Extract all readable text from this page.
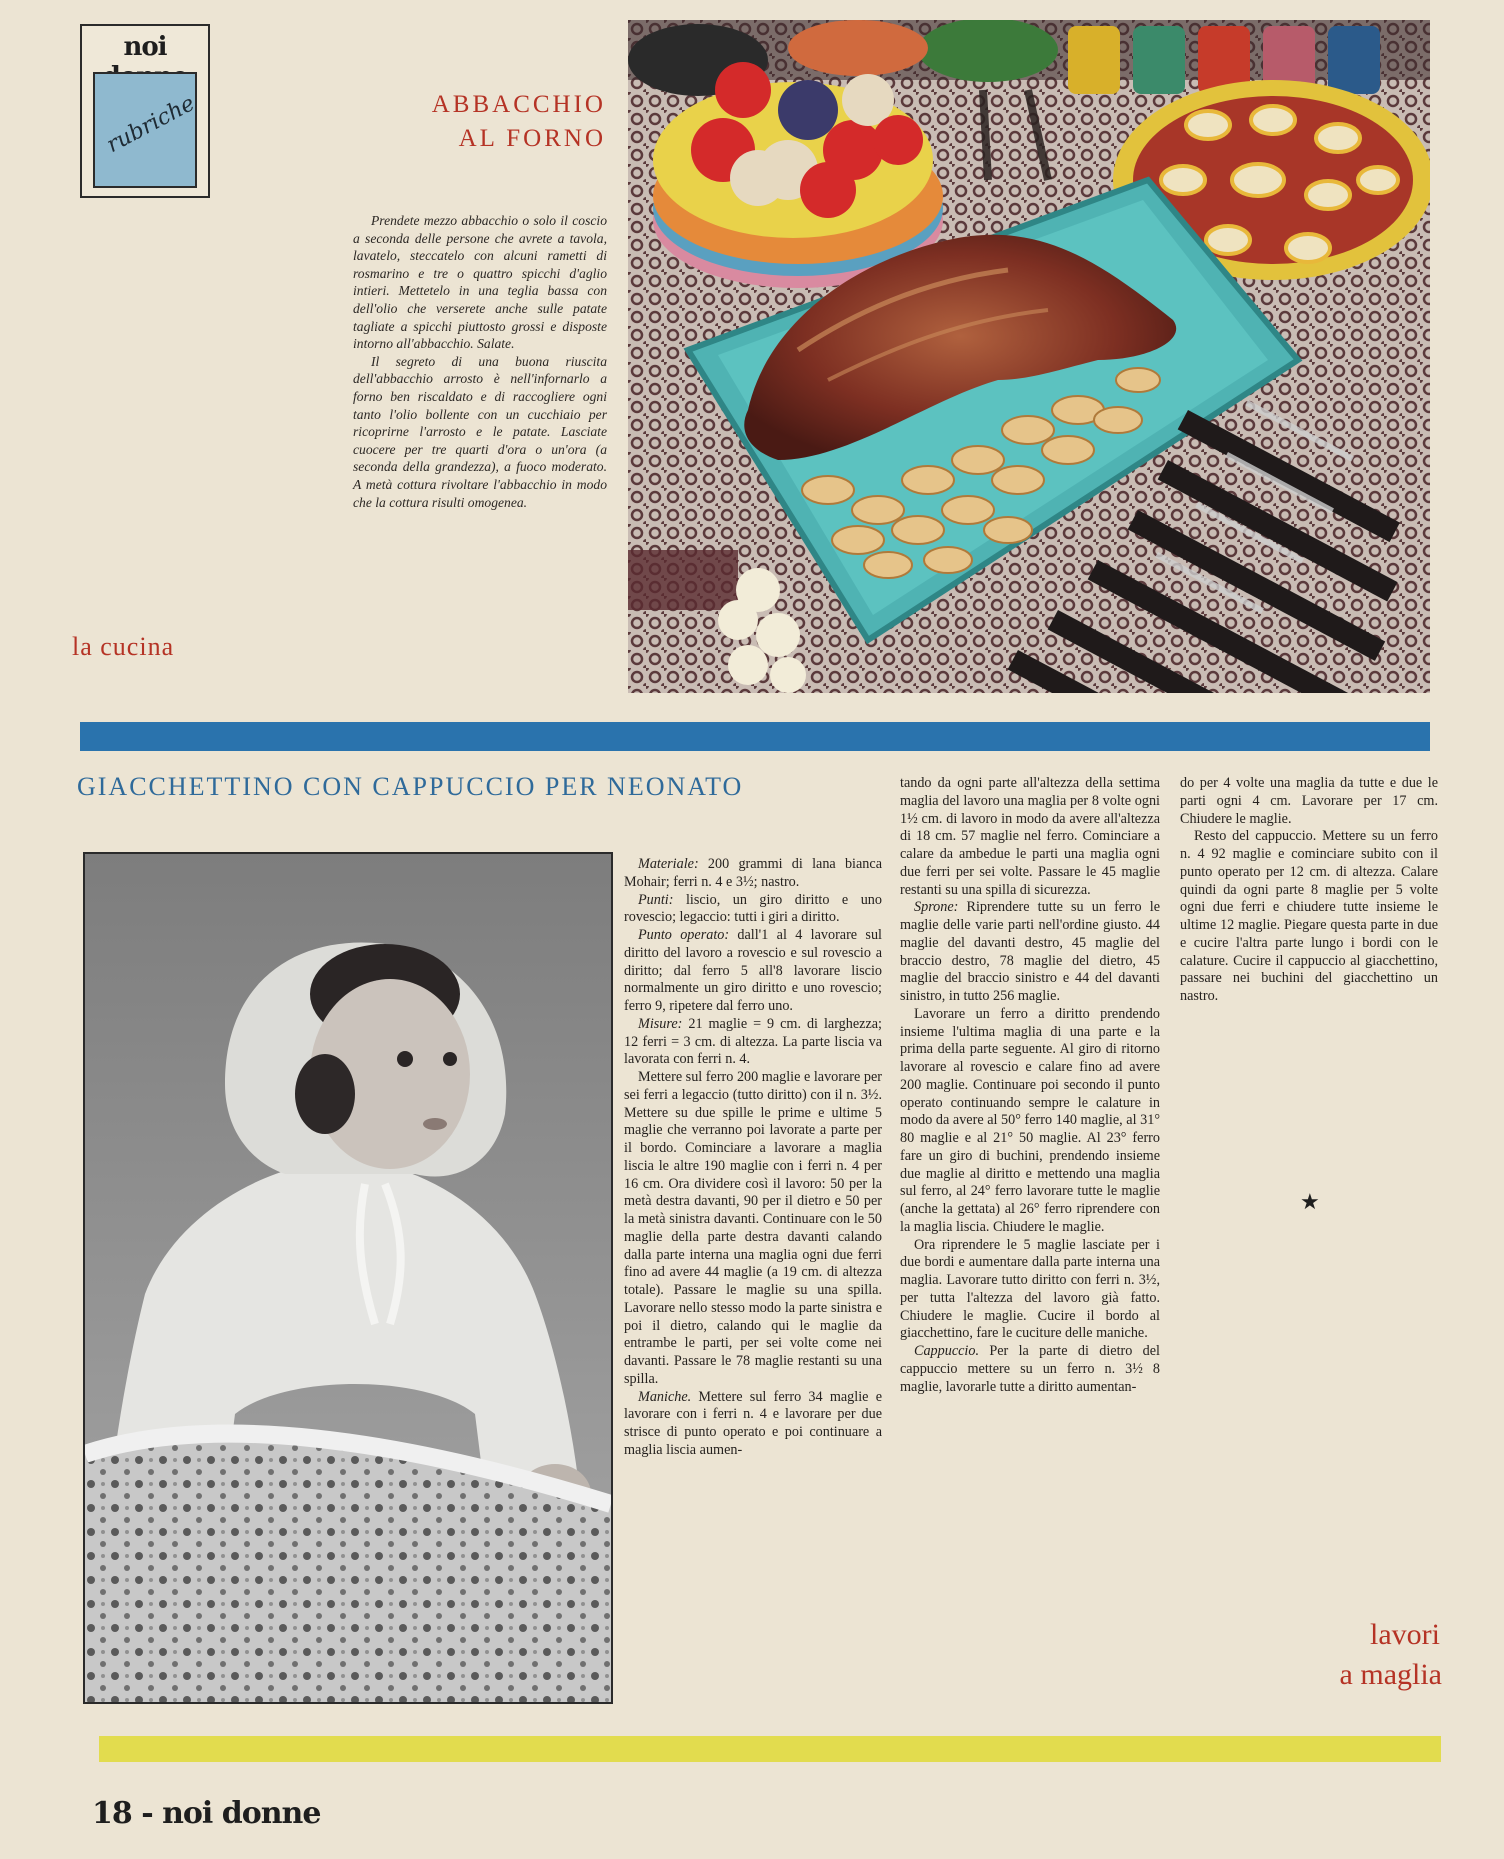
noi
rubriche	ABBACCHIO
AL FORNO

Prendete mezzo abbacchio o solo il coscio a seconda delle persone che avrete a tavola, lavatelo, steccatelo con alcuni rametti di rosmarino e tre o quattro spicchi d'aglio intieri. Mettetelo in una teglia bassa con dell'olio che verserete anche sulle patate tagliate a spicchi piuttosto grossi e disposte intorno all'abbacchio. Salate.

Il segreto di una buona riuscita dell'abbacchio arrosto è nell'infornarlo a forno ben riscaldato e di raccogliere ogni tanto l'olio bollente con un cucchiaio per ricoprirne l'arrosto e le patate. Lasciate cuocere per tre quarti d'ora o un'ora (a seconda della grandezza), a fuoco moderato. A metà cottura rivoltare l'abbacchio in modo che la cottura risulti omogenea.

la cucina
GIACCHETTINO CON CAPPUCCIO PER NEONATO

Materiale: 200 grammi di lana bianca Mohair; ferri n. 4 e 3½; nastro.

Punti: liscio, un giro diritto e uno rovescio; legaccio: tutti i giri a diritto.

Punto operato: dall'1 al 4 lavorare sul diritto del lavoro a rovescio e sul rovescio a diritto; dal ferro 5 all'8 lavorare liscio normalmente un giro diritto e uno rovescio; ferro 9, ripetere dal ferro uno.

Misure: 21 maglie = 9 cm. di larghezza; 12 ferri = 3 cm. di altezza. La parte liscia va lavorata con ferri n. 4.

Mettere sul ferro 200 maglie e lavorare per sei ferri a legaccio (tutto diritto) con il n. 3½. Mettere su due spille le prime e ultime 5 maglie che verranno poi lavorate a parte per il bordo. Cominciare a lavorare a maglia liscia le altre 190 maglie con i ferri n. 4 per 16 cm. Ora dividere così il lavoro: 50 per la metà destra davanti, 90 per il dietro e 50 per la metà sinistra davanti. Continuare con le 50 maglie della parte destra davanti calando dalla parte interna una maglia ogni due ferri fino ad avere 44 maglie (a 19 cm. di altezza totale). Passare le maglie su una spilla. Lavorare nello stesso modo la parte sinistra e poi il dietro, calando qui le maglie da entrambe le parti, per sei volte come nei davanti. Passare le 78 maglie restanti su una spilla.

Maniche. Mettere sul ferro 34 maglie e lavorare con i ferri n. 4 e lavorare per due strisce di punto operato e poi continuare a maglia liscia aumen-

tando da ogni parte all'altezza della settima maglia del lavoro una maglia per 8 volte ogni 1½ cm. di lavoro in modo da avere all'altezza di 18 cm. 57 maglie nel ferro. Cominciare a calare da ambedue le parti una maglia ogni due ferri per sei volte. Passare le 45 maglie restanti su una spilla di sicurezza.

Sprone: Riprendere tutte su un ferro le maglie delle varie parti nell'ordine giusto. 44 maglie del davanti destro, 45 maglie del braccio destro, 78 maglie del dietro, 45 maglie del braccio sinistro e 44 del davanti sinistro, in tutto 256 maglie.

Lavorare un ferro a diritto prendendo insieme l'ultima maglia di una parte e la prima della parte seguente. Al giro di ritorno lavorare al rovescio e calare fino ad avere 200 maglie. Continuare poi secondo il punto operato continuando sempre le calature in modo da avere al 50° ferro 140 maglie, al 31° 80 maglie e al 21° 50 maglie. Al 23° ferro fare un giro di buchini, prendendo insieme due maglie al diritto e mettendo una maglia sul ferro, al 24° ferro lavorare tutte le maglie (anche la gettata) al 26° ferro riprendere con la maglia liscia. Chiudere le maglie.

Ora riprendere le 5 maglie lasciate per i due bordi e aumentare dalla parte interna una maglia. Lavorare tutto diritto con ferri n. 3½, per tutta l'altezza del lavoro già fatto. Chiudere le maglie. Cucire il bordo al giacchettino, fare le cuciture delle maniche.

Cappuccio. Per la parte di dietro del cappuccio mettere su un ferro n. 3½ 8 maglie, lavorarle tutte a diritto aumentan-

do per 4 volte una maglia da tutte e due le parti ogni 4 cm. Lavorare per 17 cm. Chiudere le maglie.

Resto del cappuccio. Mettere su un ferro n. 4 92 maglie e cominciare subito con il punto operato per 12 cm. di altezza. Calare quindi da ogni parte 8 maglie per 5 volte ogni due ferri e chiudere tutte insieme le ultime 12 maglie. Piegare questa parte in due e cucire l'altra parte lungo i bordi con le calature. Cucire il cappuccio al giacchettino, passare nei buchini del giacchettino un nastro.

★
lavori
a maglia
18 - noi donne
